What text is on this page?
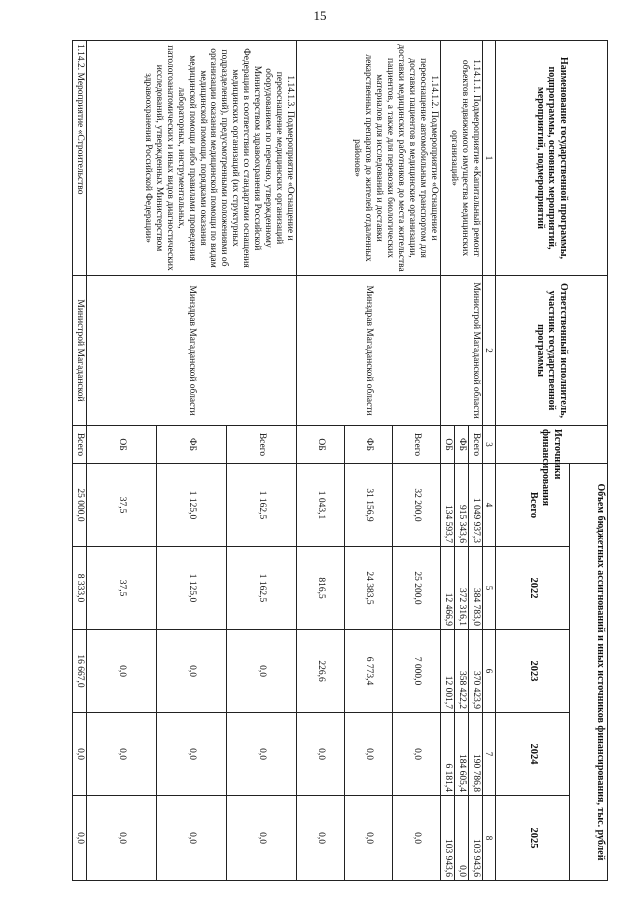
15
Наименование государственной программы, подпрограммы, основных мероприятий, мероприятий, подмероприятий	Ответственный исполнитель, участник государственной программы	Источники финансирования	Объем бюджетных ассигнований и иных источников финансирования, тыс. рублей				
			Всего	2022	2023	2024	2025
1	2	3	4	5	6	7	8
1.14.1.1. Подмероприятие «Капитальный ремонт объектов недвижимого имущества медицинских организаций»	Министрой Магаданской области	Всего	1 049 937,3	384 783,0	370 423,9	190 786,8	103 943,6
		ФБ	915 343,6	372 316,1	358 422,2	184 605,4	0,0
		ОБ	134 593,7	12 466,9	12 001,7	6 181,4	103 943,6
1.14.1.2. Подмероприятие «Оснащение и переоснащение автомобильным транспортом для доставки пациентов в медицинские организации, доставки медицинских работников до места жительства пациентов, а также для перевозки биологических материалов для исследований и доставки лекарственных препаратов до жителей отдаленных районов»	Минздрав Магаданской области	Всего	32 200,0	25 200,0	7 000,0	0,0	0,0
		ФБ	31 156,9	24 383,5	6 773,4	0,0	0,0
		ОБ	1 043,1	816,5	226,6	0,0	0,0
1.14.1.3. Подмероприятие «Оснащение и переоснащение медицинских организаций оборудованием по перечню, утвержденному Министерством здравоохранения Российской Федерации в соответствии со стандартами оснащения медицинских организаций (их структурных подразделений), предусмотренными положениями об организации оказания медицинской помощи по видам медицинской помощи, порядками оказания медицинской помощи либо правилами проведения лабораторных, инструментальных, патологоанатомических и иных видов диагностических исследований, утвержденных Министерством здравоохранения Российской Федерации»	Минздрав Магаданской области	Всего	1 162,5	1 162,5	0,0	0,0	0,0
		ФБ	1 125,0	1 125,0	0,0	0,0	0,0
		ОБ	37,5	37,5	0,0	0,0	0,0
1.14.2. Мероприятие «Строительство	Министрой Магаданской	Всего	25 000,0	8 333,0	16 667,0	0,0	0,0
